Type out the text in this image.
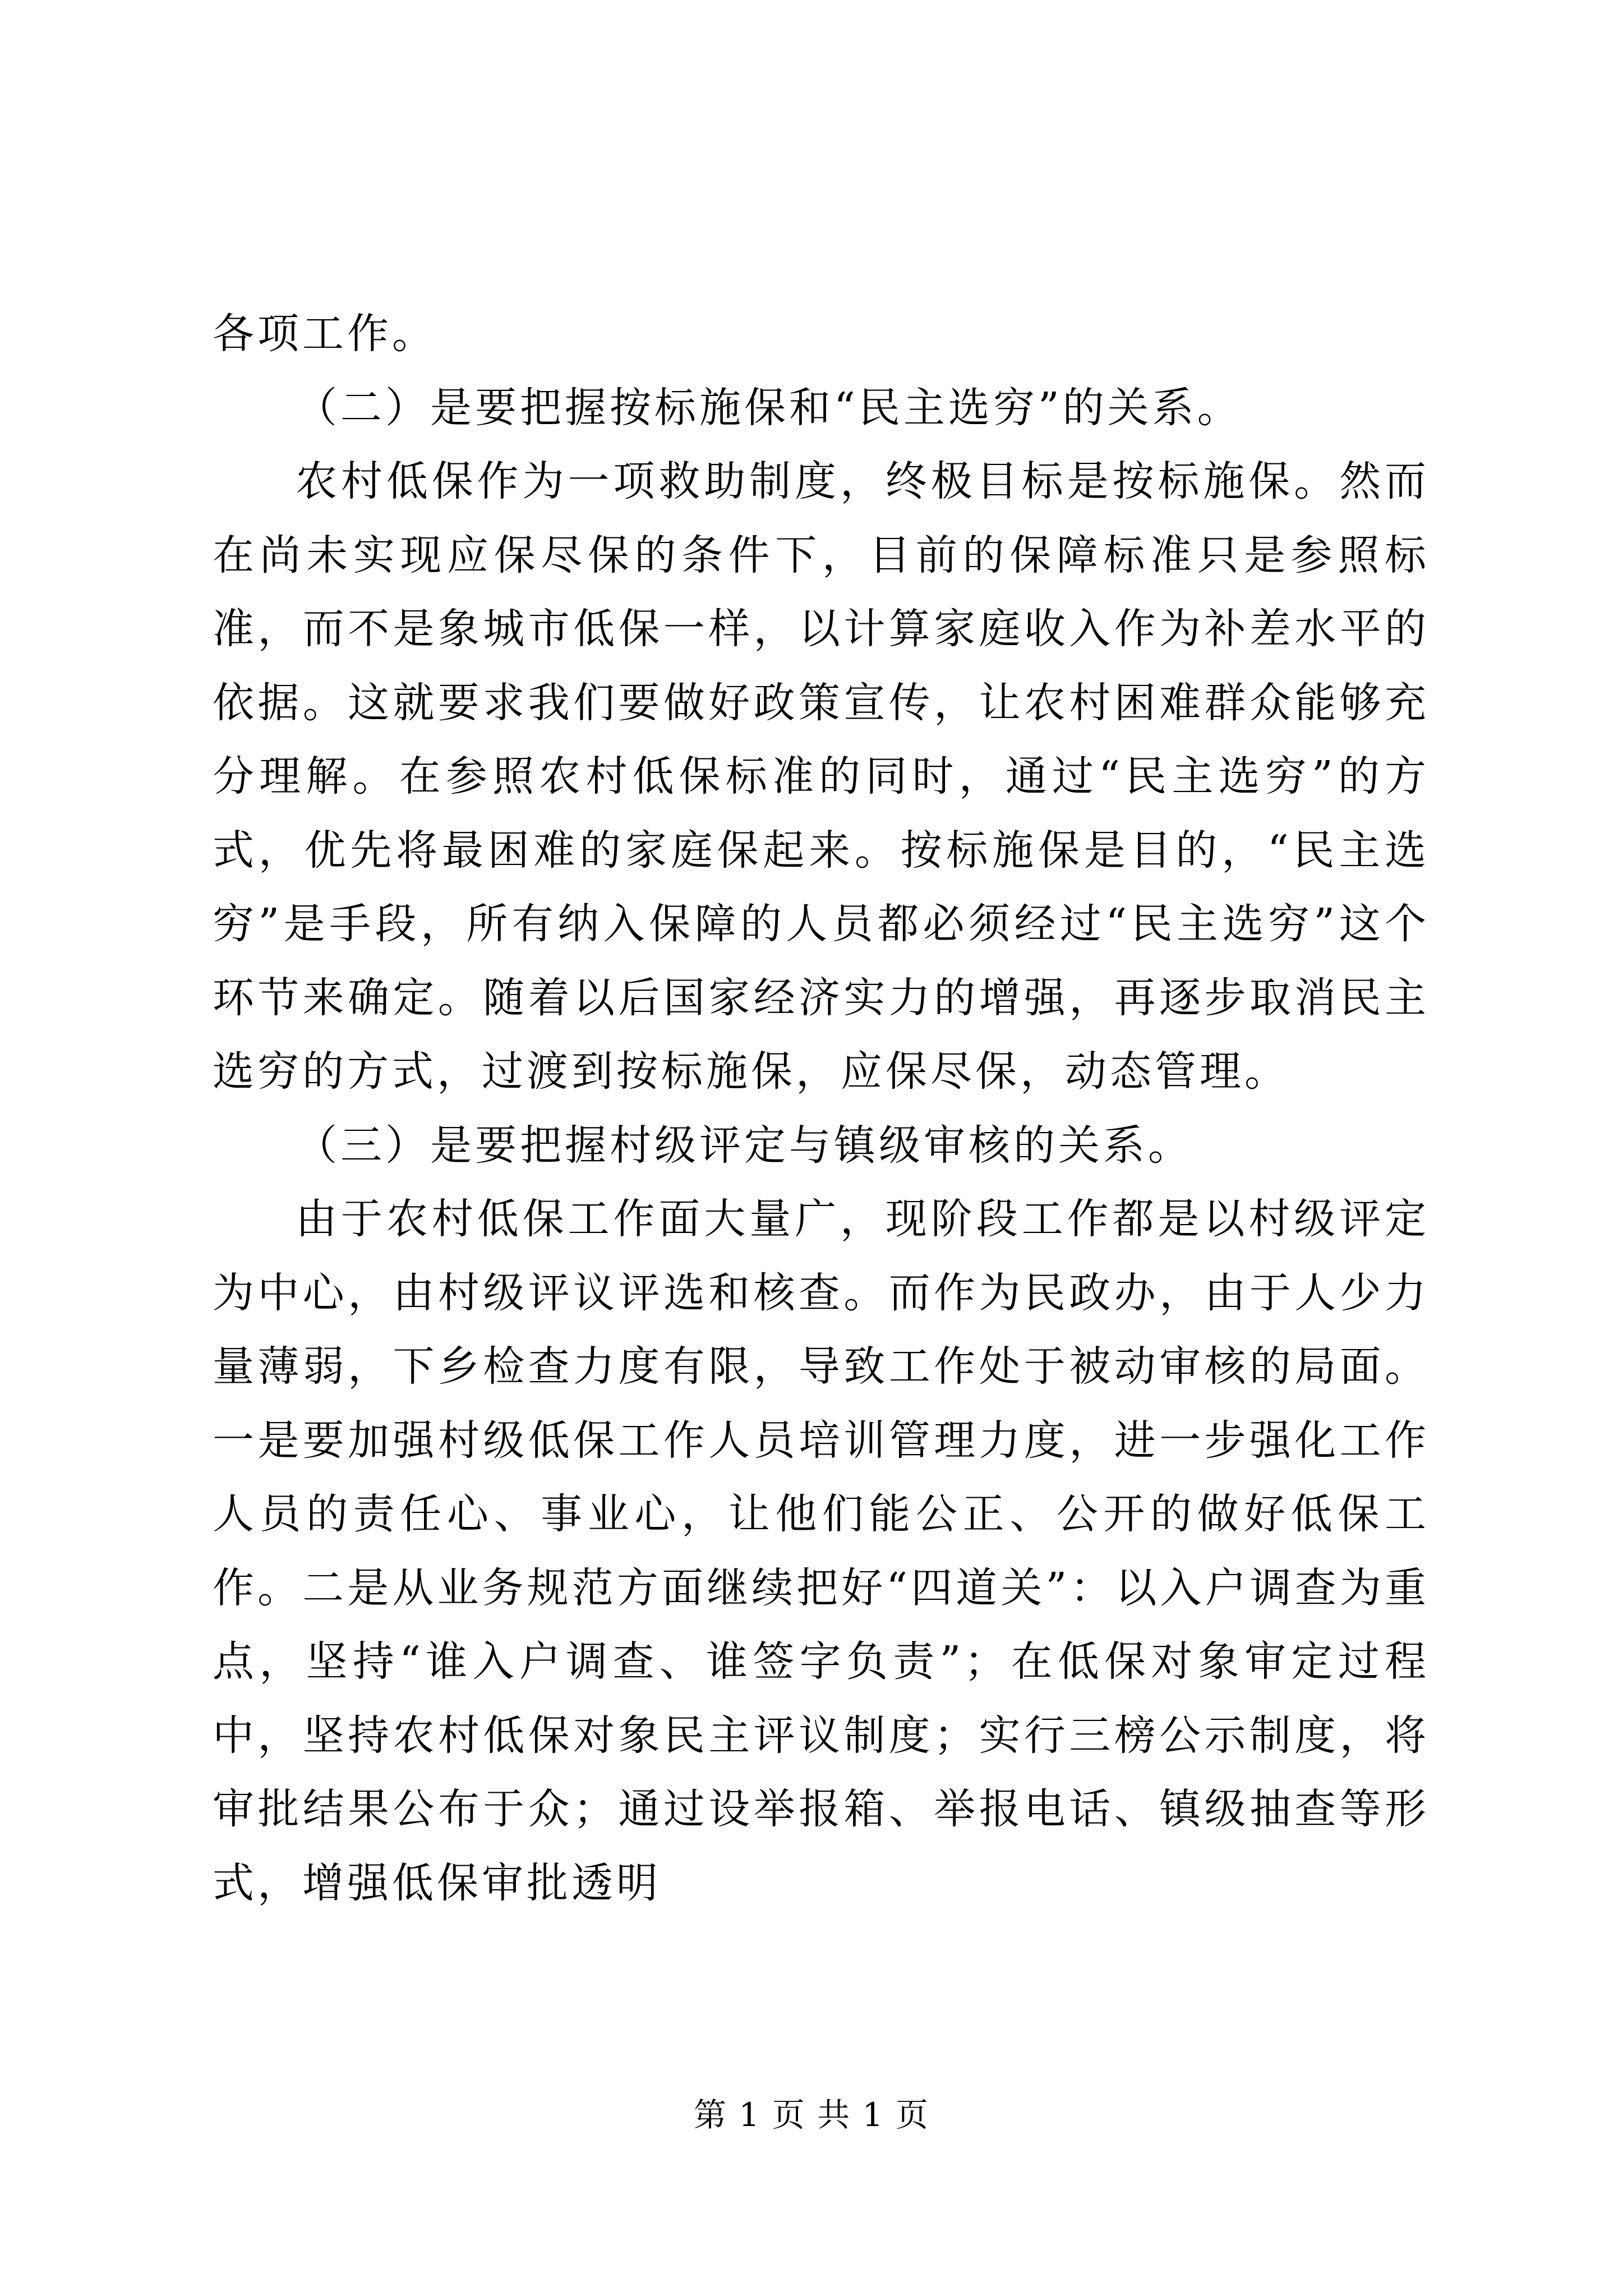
各项工作。

（二）是要把握按标施保和“民主选穷”的关系。

农村低保作为一项救助制度，终极目标是按标施保。然而在尚未实现应保尽保的条件下，目前的保障标准只是参照标准，而不是象城市低保一样，以计算家庭收入作为补差水平的依据。这就要求我们要做好政策宣传，让农村困难群众能够充分理解。在参照农村低保标准的同时，通过“民主选穷”的方式，优先将最困难的家庭保起来。按标施保是目的，“民主选穷”是手段，所有纳入保障的人员都必须经过“民主选穷”这个环节来确定。随着以后国家经济实力的增强，再逐步取消民主选穷的方式，过渡到按标施保，应保尽保，动态管理。

（三）是要把握村级评定与镇级审核的关系。

由于农村低保工作面大量广，现阶段工作都是以村级评定为中心，由村级评议评选和核查。而作为民政办，由于人少力量薄弱，下乡检查力度有限，导致工作处于被动审核的局面。一是要加强村级低保工作人员培训管理力度，进一步强化工作人员的责任心、事业心，让他们能公正、公开的做好低保工作。二是从业务规范方面继续把好“四道关”：以入户调查为重点，坚持“谁入户调查、谁签字负责”；在低保对象审定过程中，坚持农村低保对象民主评议制度；实行三榜公示制度，将审批结果公布于众；通过设举报箱、举报电话、镇级抽查等形式，增强低保审批透明

第 1 页 共 1 页
